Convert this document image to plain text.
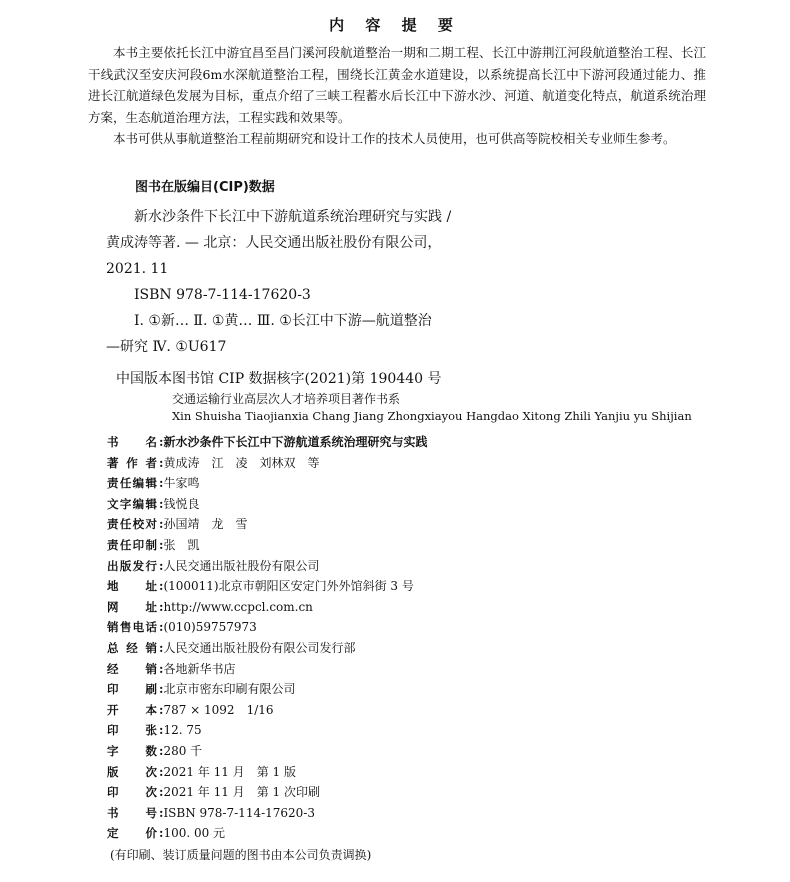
内 容 提 要

本书主要依托长江中游宜昌至昌门溪河段航道整治一期和二期工程、长江中游荆江河段航道整治工程、长江干线武汉至安庆河段6m水深航道整治工程，围绕长江黄金水道建设，以系统提高长江中下游河段通过能力、推进长江航道绿色发展为目标，重点介绍了三峡工程蓄水后长江中下游水沙、河道、航道变化特点，航道系统治理方案，生态航道治理方法，工程实践和效果等。

本书可供从事航道整治工程前期研究和设计工作的技术人员使用，也可供高等院校相关专业师生参考。

图书在版编目(CIP)数据
新水沙条件下长江中下游航道系统治理研究与实践 /
黄成涛等著. — 北京：人民交通出版社股份有限公司，
2021. 11
ISBN 978-7-114-17620-3
Ⅰ. ①新… Ⅱ. ①黄… Ⅲ. ①长江中下游—航道整治
—研究 Ⅳ. ①U617
中国版本图书馆 CIP 数据核字(2021)第 190440 号
交通运输行业高层次人才培养项目著作书系
Xin Shuisha Tiaojianxia Chang Jiang Zhongxiayou Hangdao Xitong Zhili Yanjiu yu Shijian
书 名 :新水沙条件下长江中下游航道系统治理研究与实践
著 作 者 :黄成涛　江　凌　刘林双　等
责任编辑 :牛家鸣
文字编辑 :钱悦良
责任校对 :孙国靖　龙　雪
责任印制 :张　凯
出版发行 :人民交通出版社股份有限公司
地 址 :(100011)北京市朝阳区安定门外外馆斜街 3 号
网 址 :http://www.ccpcl.com.cn
销售电话 :(010)59757973
总 经 销 :人民交通出版社股份有限公司发行部
经 销 :各地新华书店
印 刷 :北京市密东印刷有限公司
开 本 :787 × 1092　1/16
印 张 :12. 75
字 数 :280 千
版 次 :2021 年 11 月　第 1 版
印 次 :2021 年 11 月　第 1 次印刷
书 号 :ISBN 978-7-114-17620-3
定 价 :100. 00 元
(有印刷、装订质量问题的图书由本公司负责调换)
